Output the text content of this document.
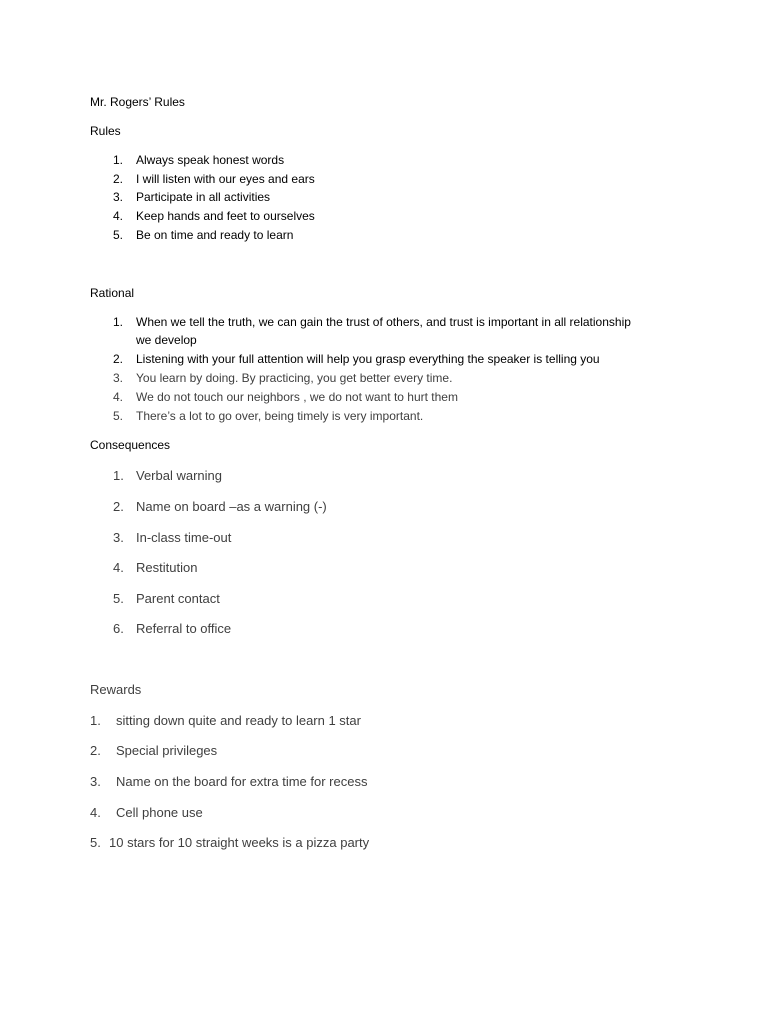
Mr. Rogers’ Rules
Rules
1.	Always speak honest words
2.	I will listen with our eyes and ears
3.	Participate in all activities
4.	Keep hands and feet to ourselves
5.	Be on time and ready to learn
Rational
1.	When we tell the truth, we can gain the trust of others, and trust is important in all relationship
we develop
2.	Listening with your full attention will help you grasp everything the speaker is telling you
3.	You learn by doing. By practicing, you get better every time.
4.	We do not touch our neighbors , we do not want to hurt them
5.	There’s a lot to go over, being timely is very important.
Consequences
1. Verbal warning
2. Name on board –as a warning (-)
3. In-class time-out
4. Restitution
5. Parent contact
6. Referral to office
Rewards
1.	sitting down quite and ready to learn 1 star
2.	Special privileges
3.	Name on the board for extra time for recess
4.	Cell phone use
5. 10 stars for 10 straight weeks is a pizza party
